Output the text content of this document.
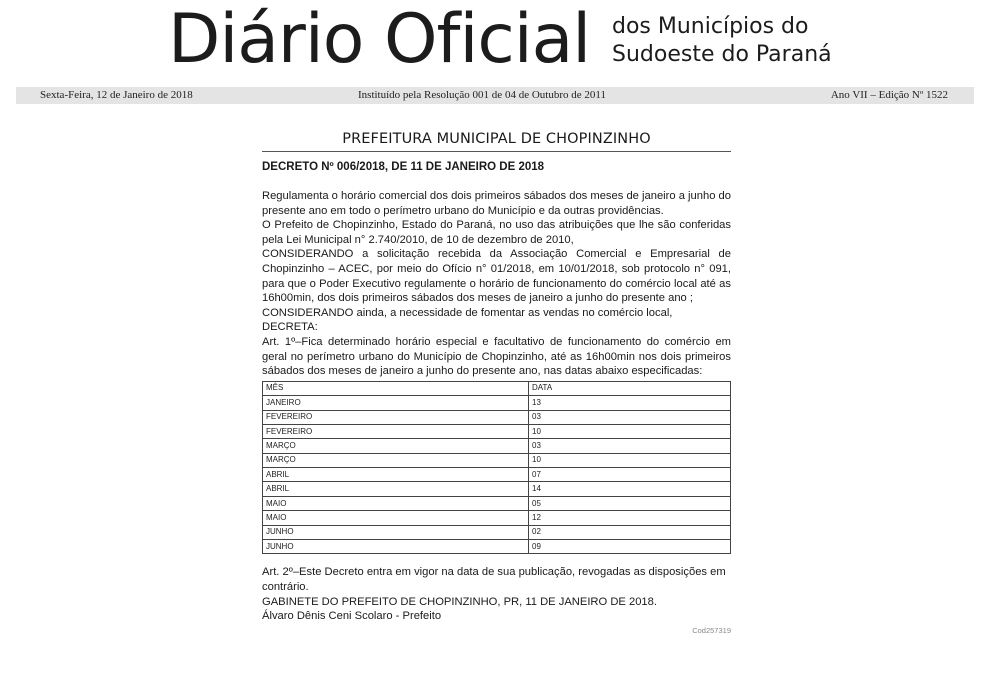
Diário Oficial dos Municípios do
Sudoeste do Paraná
Sexta-Feira, 12 de Janeiro de 2018	Instituído pela Resolução 001 de 04 de Outubro de 2011	Ano VII – Edição Nº 1522
PREFEITURA MUNICIPAL DE CHOPINZINHO
DECRETO Nº 006/2018, DE 11 DE JANEIRO DE 2018

Regulamenta o horário comercial dos dois primeiros sábados dos meses de janeiro a junho do presente ano em todo o perímetro urbano do Município e da outras providências.

O Prefeito de Chopinzinho, Estado do Paraná, no uso das atribuições que lhe são conferidas pela Lei Municipal n° 2.740/2010, de 10 de dezembro de 2010,

CONSIDERANDO a solicitação recebida da Associação Comercial e Empresarial de Chopinzinho – ACEC, por meio do Ofício n° 01/2018, em 10/01/2018, sob protocolo n° 091, para que o Poder Executivo regulamente o horário de funcionamento do comércio local até as 16h00min, dos dois primeiros sábados dos meses de janeiro a junho do presente ano ;

CONSIDERANDO ainda, a necessidade de fomentar as vendas no comércio local,

DECRETA:

Art. 1º–Fica determinado horário especial e facultativo de funcionamento do comércio em geral no perímetro urbano do Município de Chopinzinho, até as 16h00min nos dois primeiros sábados dos meses de janeiro a junho do presente ano, nas datas abaixo especificadas:

MÊS	DATA
JANEIRO	13
FEVEREIRO	03
FEVEREIRO	10
MARÇO	03
MARÇO	10
ABRIL	07
ABRIL	14
MAIO	05
MAIO	12
JUNHO	02
JUNHO	09

Art. 2º–Este Decreto entra em vigor na data de sua publicação, revogadas as disposições em contrário.

GABINETE DO PREFEITO DE CHOPINZINHO, PR, 11 DE JANEIRO DE 2018.

Álvaro Dênis Ceni Scolaro - Prefeito

Cod257319
